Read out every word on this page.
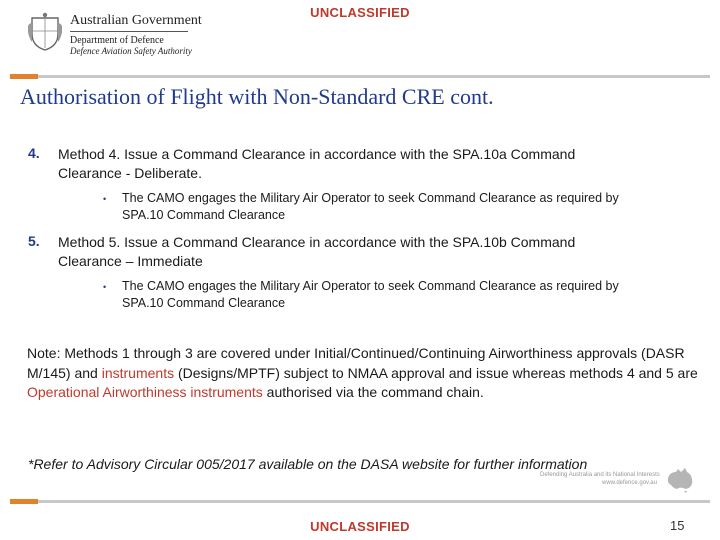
UNCLASSIFIED
Australian Government
Department of Defence
Defence Aviation Safety Authority
Authorisation of Flight with Non-Standard CRE cont.
4. Method 4. Issue a Command Clearance in accordance with the SPA.10a Command
Clearance - Deliberate.
• The CAMO engages the Military Air Operator to seek Command Clearance as required by
SPA.10 Command Clearance
5. Method 5. Issue a Command Clearance in accordance with the SPA.10b Command
Clearance – Immediate
• The CAMO engages the Military Air Operator to seek Command Clearance as required by
SPA.10 Command Clearance
Note: Methods 1 through 3 are covered under Initial/Continued/Continuing Airworthiness approvals (DASR M/145) and instruments (Designs/MPTF) subject to NMAA approval and issue whereas methods 4 and 5 are Operational Airworthiness instruments authorised via the command chain.
*Refer to Advisory Circular 005/2017 available on the DASA website for further information
Defending Australia and its National Interests
www.defence.gov.au
UNCLASSIFIED	15
